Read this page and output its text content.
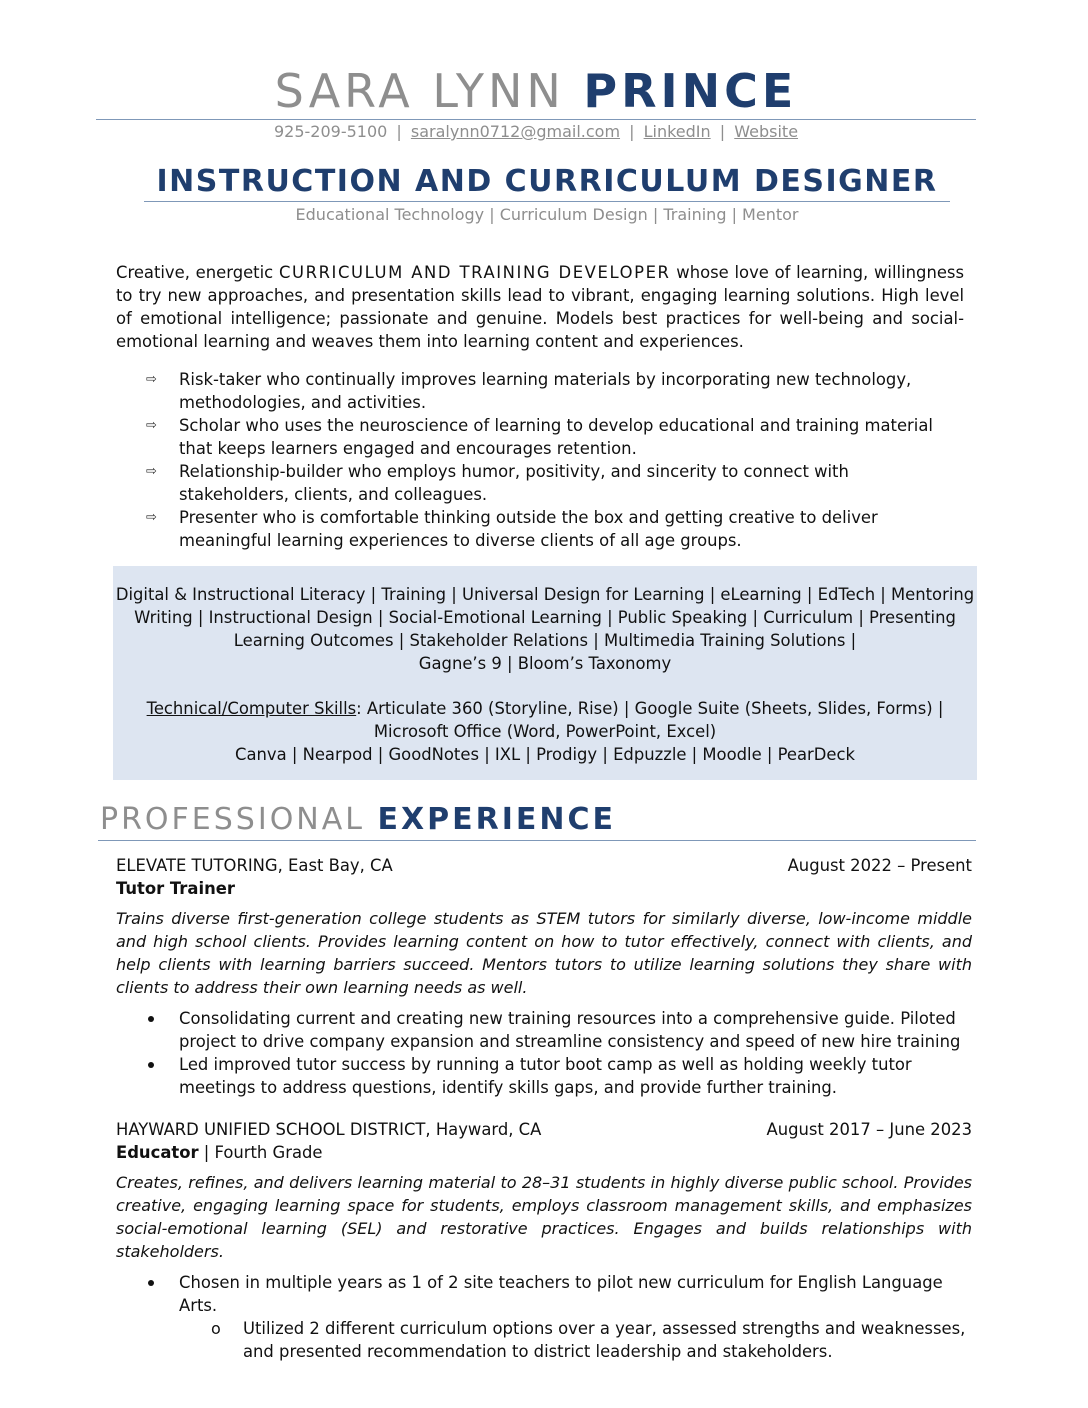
SARA LYNN PRINCE
925-209-5100 | saralynn0712@gmail.com | LinkedIn | Website
INSTRUCTION AND CURRICULUM DESIGNER
Educational Technology | Curriculum Design | Training | Mentor
Creative, energetic CURRICULUM AND TRAINING DEVELOPER whose love of learning, willingness to try new approaches, and presentation skills lead to vibrant, engaging learning solutions. High level of emotional intelligence; passionate and genuine. Models best practices for well-being and social-emotional learning and weaves them into learning content and experiences.
⇨ Risk-taker who continually improves learning materials by incorporating new technology, methodologies, and activities.
⇨ Scholar who uses the neuroscience of learning to develop educational and training material that keeps learners engaged and encourages retention.
⇨ Relationship-builder who employs humor, positivity, and sincerity to connect with stakeholders, clients, and colleagues.
⇨ Presenter who is comfortable thinking outside the box and getting creative to deliver meaningful learning experiences to diverse clients of all age groups.
Digital & Instructional Literacy | Training | Universal Design for Learning | eLearning | EdTech | Mentoring
Writing | Instructional Design | Social-Emotional Learning | Public Speaking | Curriculum | Presenting
Learning Outcomes | Stakeholder Relations | Multimedia Training Solutions |
Gagne’s 9 | Bloom’s Taxonomy
Technical/Computer Skills: Articulate 360 (Storyline, Rise) | Google Suite (Sheets, Slides, Forms) |
Microsoft Office (Word, PowerPoint, Excel)
Canva | Nearpod | GoodNotes | IXL | Prodigy | Edpuzzle | Moodle | PearDeck
PROFESSIONAL EXPERIENCE
ELEVATE TUTORING, East Bay, CA	August 2022 – Present
Tutor Trainer
Trains diverse first-generation college students as STEM tutors for similarly diverse, low-income middle and high school clients. Provides learning content on how to tutor effectively, connect with clients, and help clients with learning barriers succeed. Mentors tutors to utilize learning solutions they share with clients to address their own learning needs as well.
Consolidating current and creating new training resources into a comprehensive guide. Piloted project to drive company expansion and streamline consistency and speed of new hire training
Led improved tutor success by running a tutor boot camp as well as holding weekly tutor meetings to address questions, identify skills gaps, and provide further training.
HAYWARD UNIFIED SCHOOL DISTRICT, Hayward, CA	August 2017 – June 2023
Educator | Fourth Grade
Creates, refines, and delivers learning material to 28–31 students in highly diverse public school. Provides creative, engaging learning space for students, employs classroom management skills, and emphasizes social-emotional learning (SEL) and restorative practices. Engages and builds relationships with stakeholders.
Chosen in multiple years as 1 of 2 site teachers to pilot new curriculum for English Language Arts.
o Utilized 2 different curriculum options over a year, assessed strengths and weaknesses, and presented recommendation to district leadership and stakeholders.
